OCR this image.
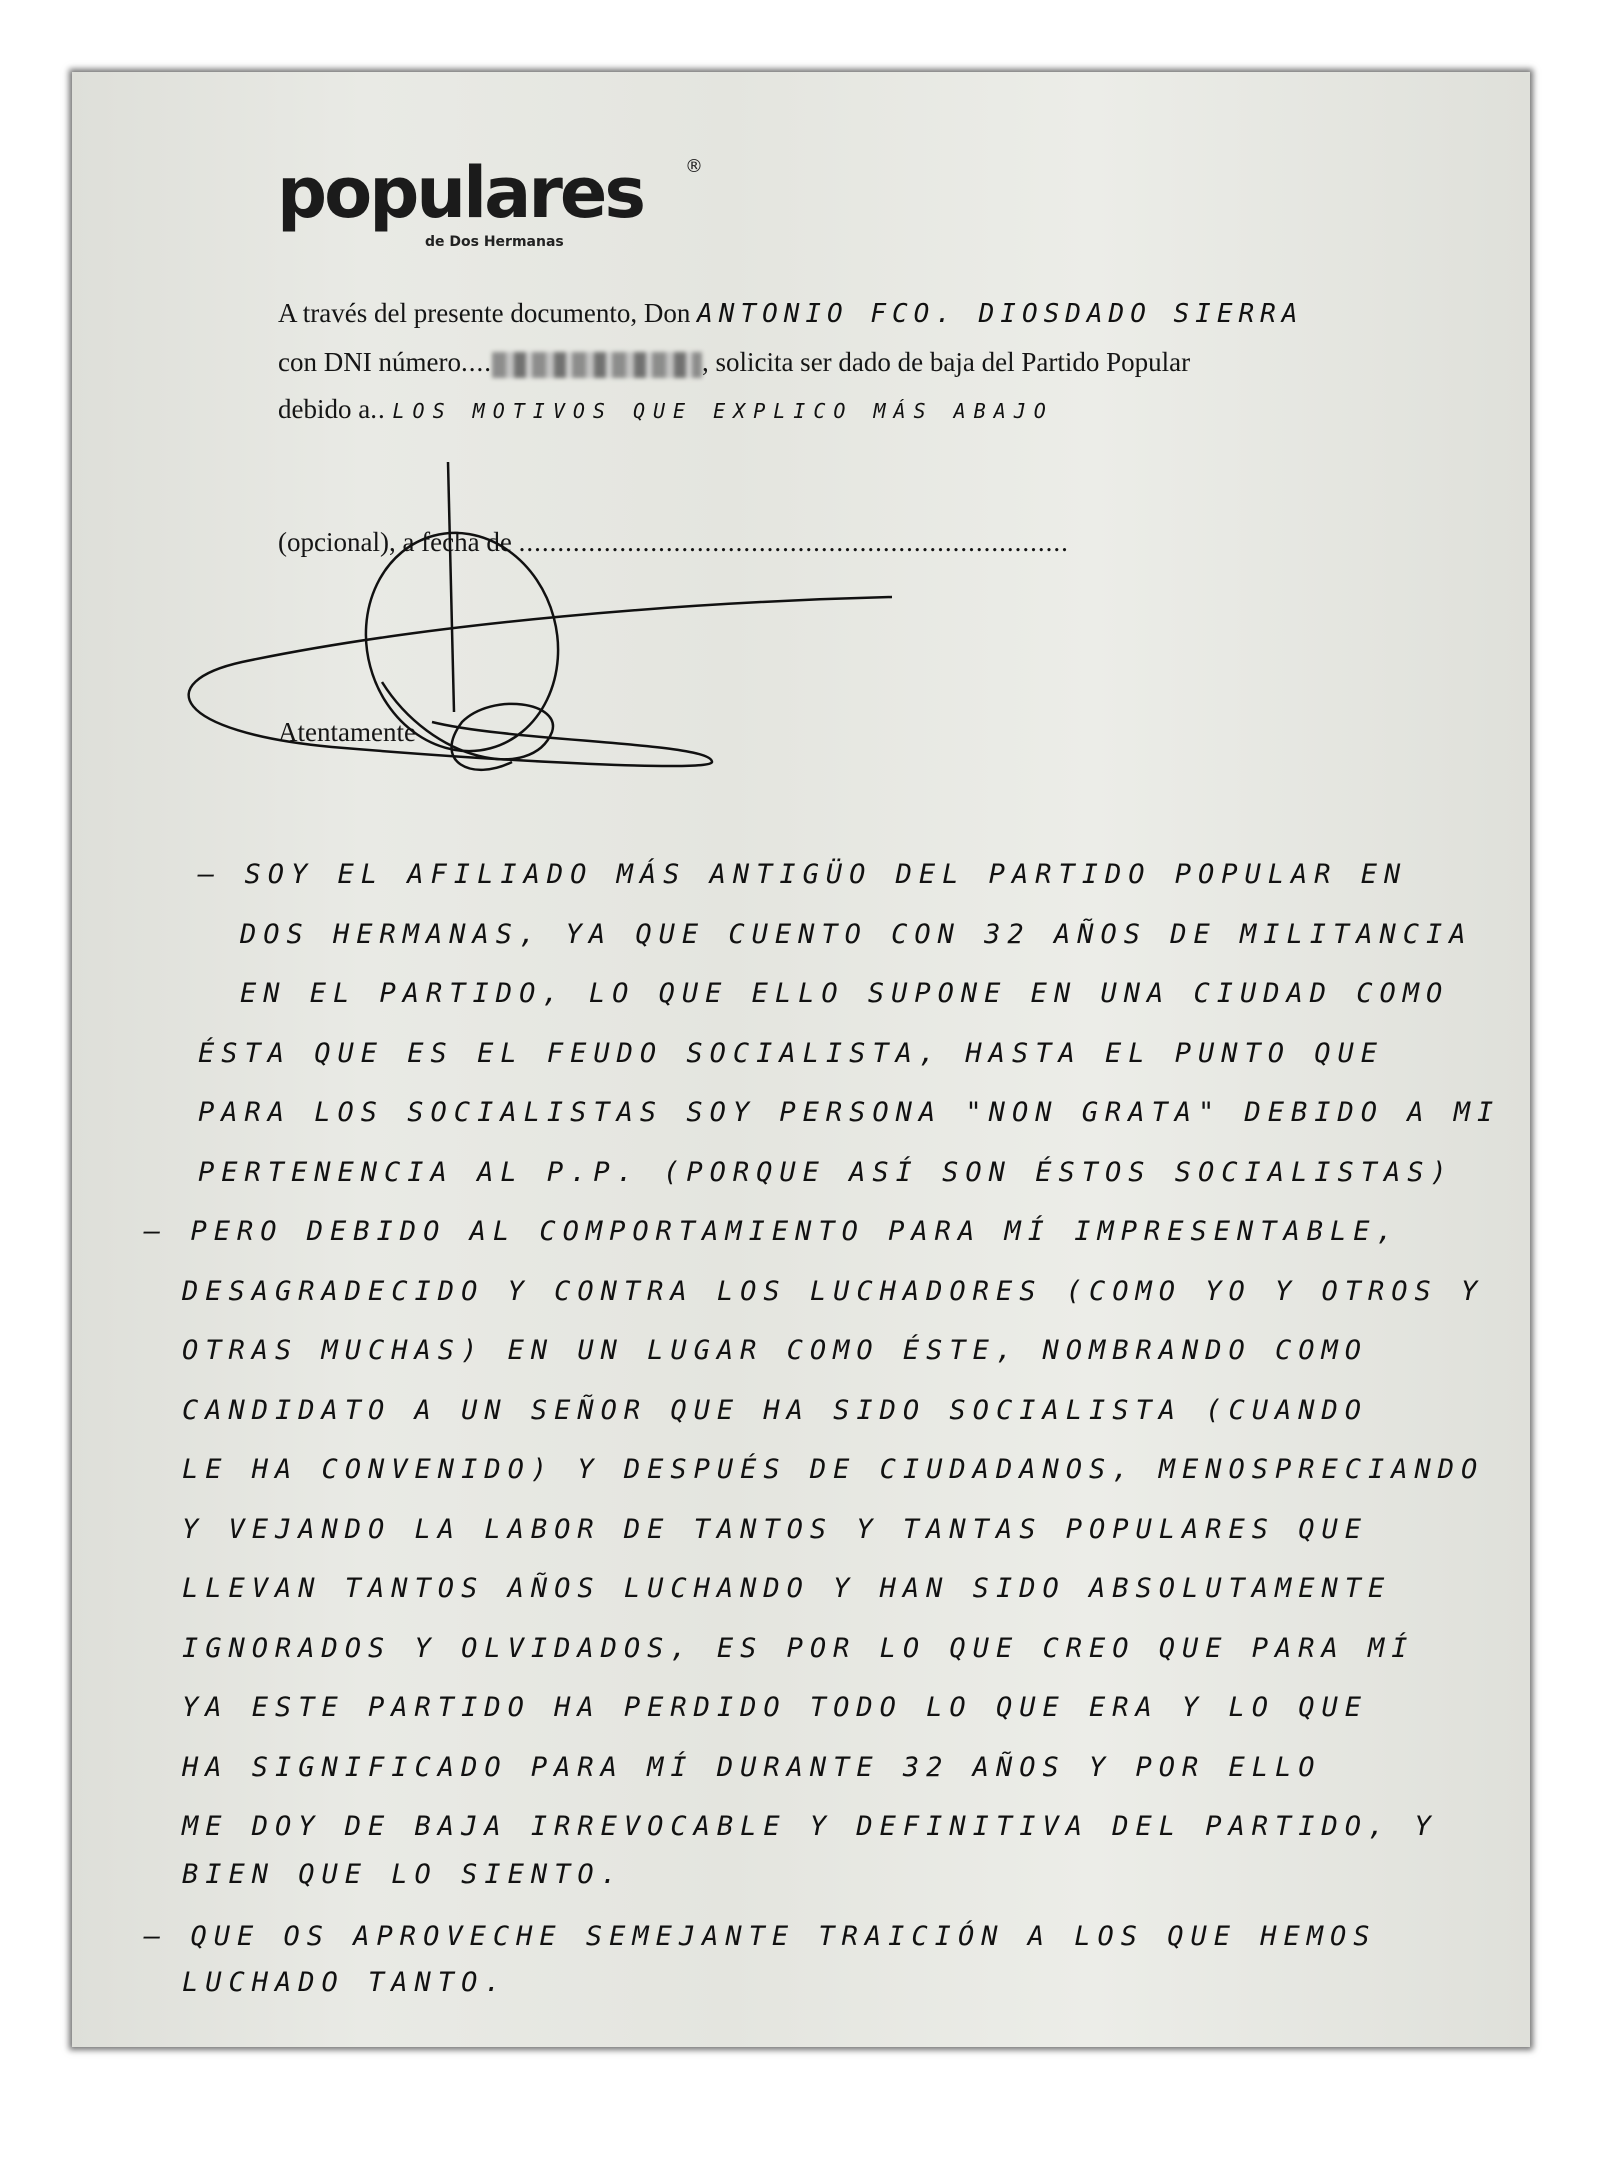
populares ®
de Dos Hermanas
A través del presente documento, Don ANTONIO FCO. DIOSDADO SIERRA
con DNI número....	, solicita ser dado de baja del Partido Popular
debido a.. LOS MOTIVOS QUE EXPLICO MÁS ABAJO
(opcional), a fecha de .......................................................................
Atentamente
— SOY EL AFILIADO MÁS ANTIGÜO DEL PARTIDO POPULAR EN
DOS HERMANAS, YA QUE CUENTO CON 32 AÑOS DE MILITANCIA
EN EL PARTIDO, LO QUE ELLO SUPONE EN UNA CIUDAD COMO
ÉSTA QUE ES EL FEUDO SOCIALISTA, HASTA EL PUNTO QUE
PARA LOS SOCIALISTAS SOY PERSONA "NON GRATA" DEBIDO A MI
PERTENENCIA AL P.P. (PORQUE ASÍ SON ÉSTOS SOCIALISTAS)
— PERO DEBIDO AL COMPORTAMIENTO PARA MÍ IMPRESENTABLE,
DESAGRADECIDO Y CONTRA LOS LUCHADORES (COMO YO Y OTROS Y
OTRAS MUCHAS) EN UN LUGAR COMO ÉSTE, NOMBRANDO COMO
CANDIDATO A UN SEÑOR QUE HA SIDO SOCIALISTA (CUANDO
LE HA CONVENIDO) Y DESPUÉS DE CIUDADANOS, MENOSPRECIANDO
Y VEJANDO LA LABOR DE TANTOS Y TANTAS POPULARES QUE
LLEVAN TANTOS AÑOS LUCHANDO Y HAN SIDO ABSOLUTAMENTE
IGNORADOS Y OLVIDADOS, ES POR LO QUE CREO QUE PARA MÍ
YA ESTE PARTIDO HA PERDIDO TODO LO QUE ERA Y LO QUE
HA SIGNIFICADO PARA MÍ DURANTE 32 AÑOS Y POR ELLO
ME DOY DE BAJA IRREVOCABLE Y DEFINITIVA DEL PARTIDO, Y
BIEN QUE LO SIENTO.
— QUE OS APROVECHE SEMEJANTE TRAICIÓN A LOS QUE HEMOS
LUCHADO TANTO.
